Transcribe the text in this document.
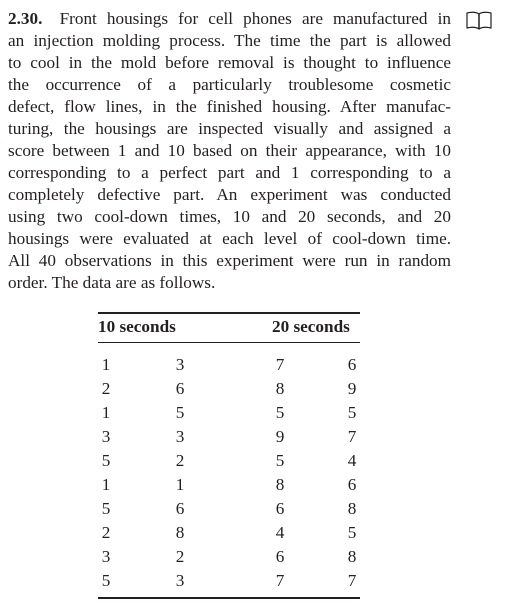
2.30.  Front housings for cell phones are manufactured in
an injection molding process. The time the part is allowed
to cool in the mold before removal is thought to influence
the occurrence of a particularly troublesome cosmetic
defect, flow lines, in the finished housing. After manufac-
turing, the housings are inspected visually and assigned a
score between 1 and 10 based on their appearance, with 10
corresponding to a perfect part and 1 corresponding to a
completely defective part. An experiment was conducted
using two cool-down times, 10 and 20 seconds, and 20
housings were evaluated at each level of cool-down time.
All 40 observations in this experiment were run in random
order. The data are as follows.
10 seconds	20 seconds
1
2
1
3
5
1
5
2
3
5
3
6
5
3
2
1
6
8
2
3
7
8
5
9
5
8
6
4
6
7
6
9
5
7
4
6
8
5
8
7
